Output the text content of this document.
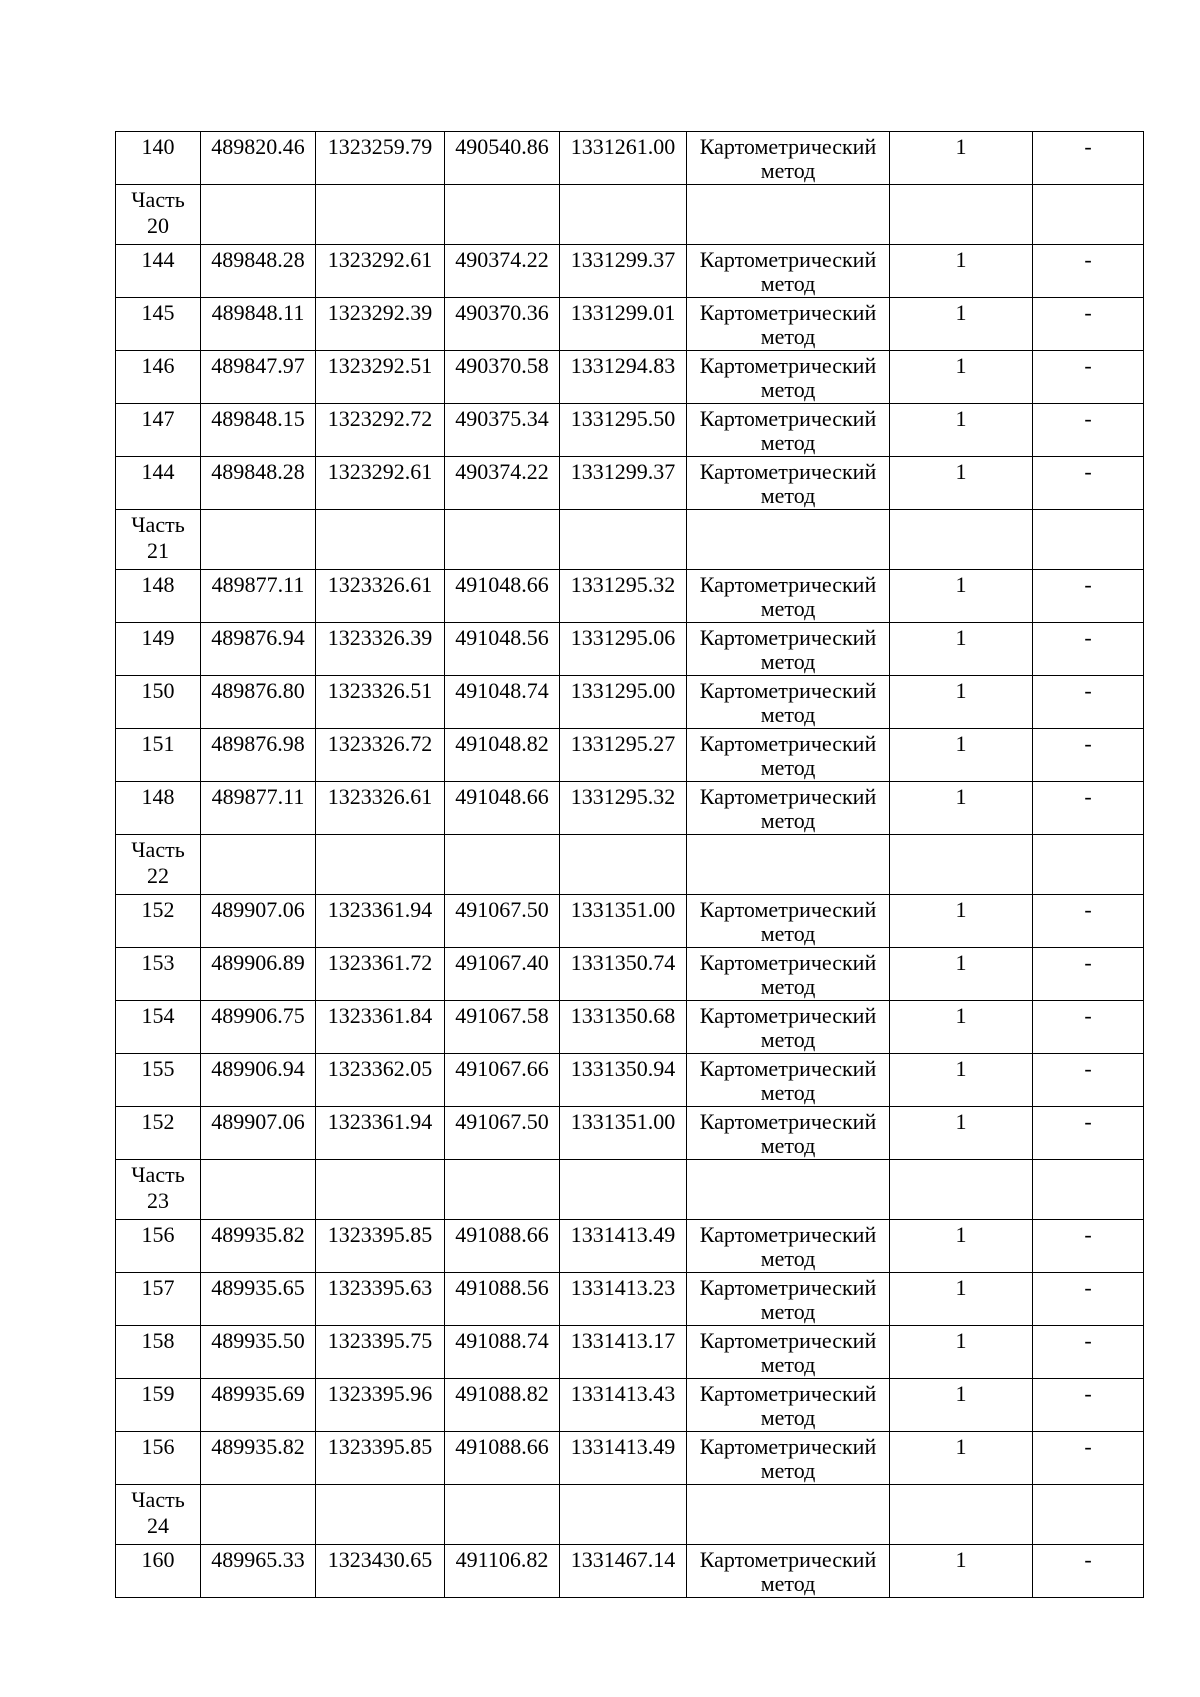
140	489820.46	1323259.79	490540.86	1331261.00	Картометрический
метод	1	-

Часть
20							

144	489848.28	1323292.61	490374.22	1331299.37	Картометрический
метод	1	-
145	489848.11	1323292.39	490370.36	1331299.01	Картометрический
метод	1	-
146	489847.97	1323292.51	490370.58	1331294.83	Картометрический
метод	1	-
147	489848.15	1323292.72	490375.34	1331295.50	Картометрический
метод	1	-
144	489848.28	1323292.61	490374.22	1331299.37	Картометрический
метод	1	-

Часть
21							

148	489877.11	1323326.61	491048.66	1331295.32	Картометрический
метод	1	-
149	489876.94	1323326.39	491048.56	1331295.06	Картометрический
метод	1	-
150	489876.80	1323326.51	491048.74	1331295.00	Картометрический
метод	1	-
151	489876.98	1323326.72	491048.82	1331295.27	Картометрический
метод	1	-
148	489877.11	1323326.61	491048.66	1331295.32	Картометрический
метод	1	-

Часть
22							

152	489907.06	1323361.94	491067.50	1331351.00	Картометрический
метод	1	-
153	489906.89	1323361.72	491067.40	1331350.74	Картометрический
метод	1	-
154	489906.75	1323361.84	491067.58	1331350.68	Картометрический
метод	1	-
155	489906.94	1323362.05	491067.66	1331350.94	Картометрический
метод	1	-
152	489907.06	1323361.94	491067.50	1331351.00	Картометрический
метод	1	-

Часть
23							

156	489935.82	1323395.85	491088.66	1331413.49	Картометрический
метод	1	-
157	489935.65	1323395.63	491088.56	1331413.23	Картометрический
метод	1	-
158	489935.50	1323395.75	491088.74	1331413.17	Картометрический
метод	1	-
159	489935.69	1323395.96	491088.82	1331413.43	Картометрический
метод	1	-
156	489935.82	1323395.85	491088.66	1331413.49	Картометрический
метод	1	-

Часть
24							

160	489965.33	1323430.65	491106.82	1331467.14	Картометрический
метод	1	-
